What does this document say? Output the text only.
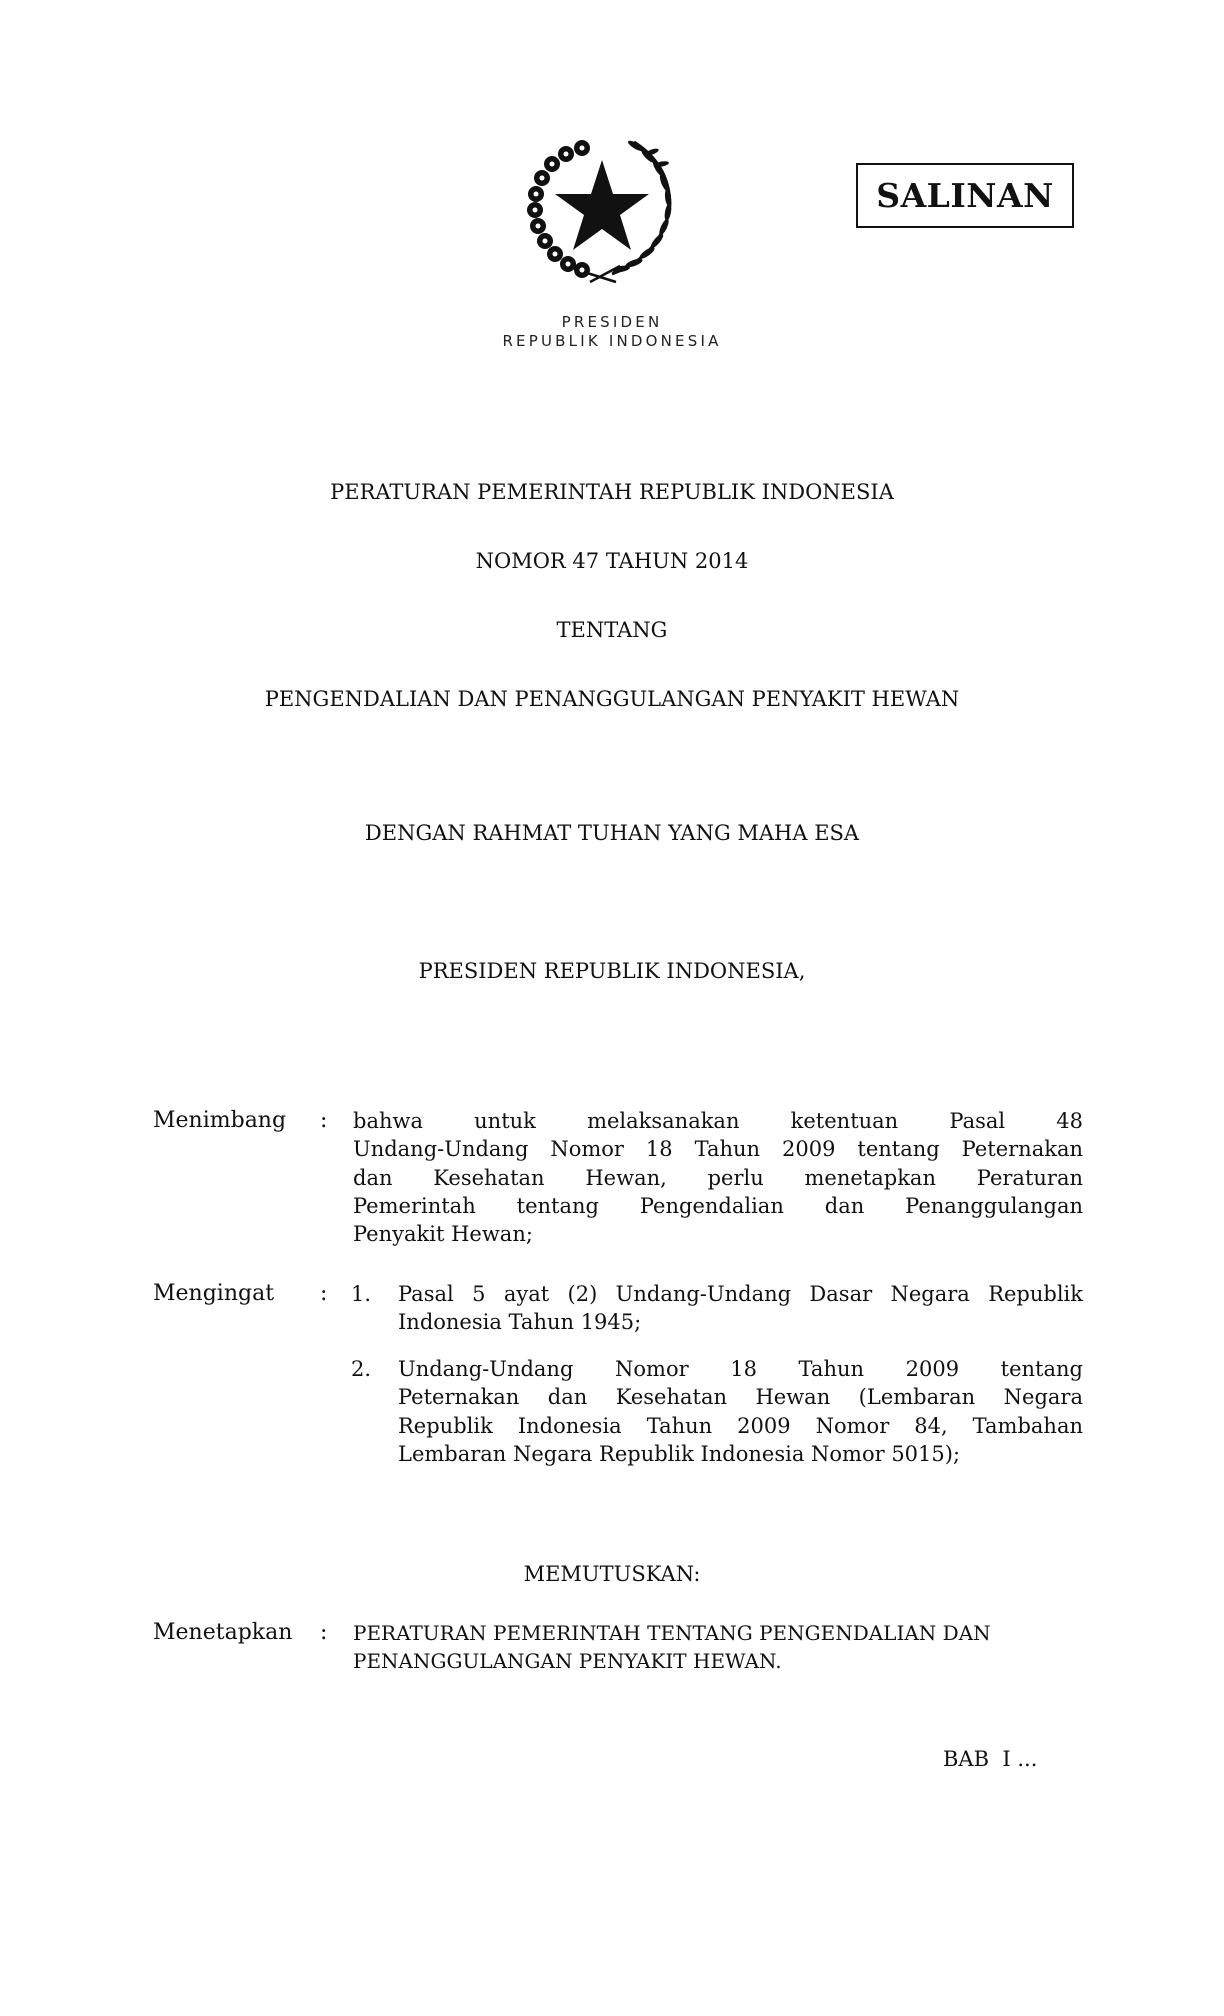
PRESIDEN
REPUBLIK INDONESIA
SALINAN
PERATURAN PEMERINTAH REPUBLIK INDONESIA
NOMOR 47 TAHUN 2014
TENTANG
PENGENDALIAN DAN PENANGGULANGAN PENYAKIT HEWAN
DENGAN RAHMAT TUHAN YANG MAHA ESA
PRESIDEN REPUBLIK INDONESIA,
Menimbang : bahwa untuk melaksanakan ketentuan Pasal 48
Undang-Undang Nomor 18 Tahun 2009 tentang Peternakan
dan Kesehatan Hewan, perlu menetapkan Peraturan
Pemerintah tentang Pengendalian dan Penanggulangan
Penyakit Hewan;
Mengingat : 1. Pasal 5 ayat (2) Undang-Undang Dasar Negara Republik
Indonesia Tahun 1945;
2. Undang-Undang Nomor 18 Tahun 2009 tentang
Peternakan dan Kesehatan Hewan (Lembaran Negara
Republik Indonesia Tahun 2009 Nomor 84, Tambahan
Lembaran Negara Republik Indonesia Nomor 5015);
MEMUTUSKAN:
Menetapkan : PERATURAN PEMERINTAH TENTANG PENGENDALIAN DAN
PENANGGULANGAN PENYAKIT HEWAN.
BAB  I ...
